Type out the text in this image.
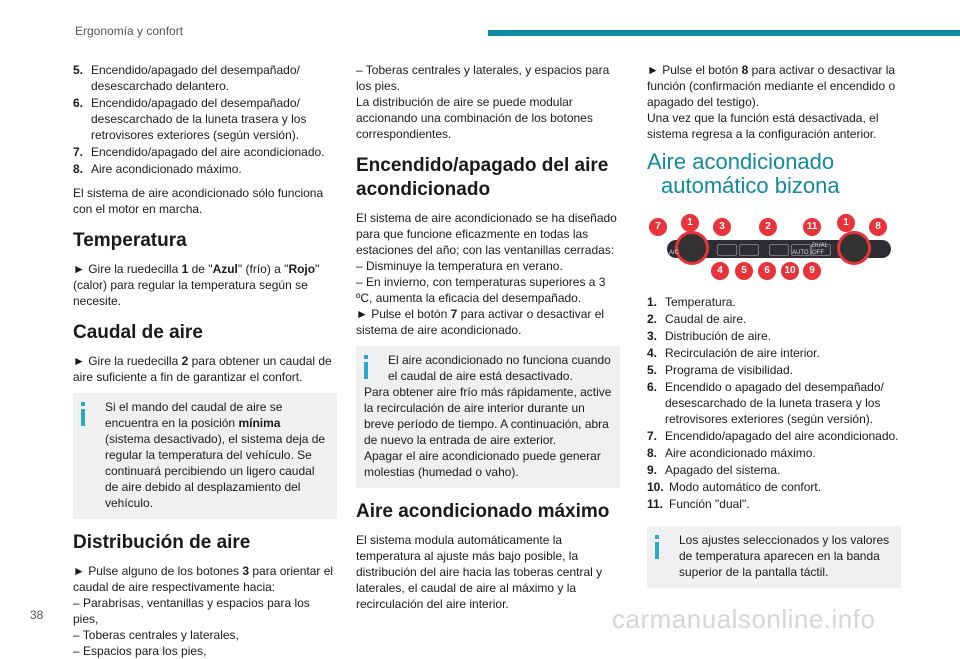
Ergonomía y confort
5. Encendido/apagado del desempañado/ desescarchado delantero.
6. Encendido/apagado del desempañado/ desescarchado de la luneta trasera y los retrovisores exteriores (según versión).
7. Encendido/apagado del aire acondicionado.
8. Aire acondicionado máximo.

El sistema de aire acondicionado sólo funciona con el motor en marcha.

Temperatura

► Gire la ruedecilla 1 de "Azul" (frío) a "Rojo" (calor) para regular la temperatura según se necesite.

Caudal de aire

► Gire la ruedecilla 2 para obtener un caudal de aire suficiente a fin de garantizar el confort.

Si el mando del caudal de aire se encuentra en la posición mínima (sistema desactivado), el sistema deja de regular la temperatura del vehículo. Se continuará percibiendo un ligero caudal de aire debido al desplazamiento del vehículo.
Distribución de aire

► Pulse alguno de los botones 3 para orientar el caudal de aire respectivamente hacia:

– Parabrisas, ventanillas y espacios para los pies,

– Toberas centrales y laterales,

– Espacios para los pies,

– Toberas centrales y laterales, y espacios para los pies.

La distribución de aire se puede modular accionando una combinación de los botones correspondientes.

Encendido/apagado del aire acondicionado

El sistema de aire acondicionado se ha diseñado para que funcione eficazmente en todas las estaciones del año; con las ventanillas cerradas:

– Disminuye la temperatura en verano.

– En invierno, con temperaturas superiores a 3 ºC, aumenta la eficacia del desempañado.

► Pulse el botón 7 para activar o desactivar el sistema de aire acondicionado.

El aire acondicionado no funciona cuando el caudal de aire está desactivado.
Para obtener aire frío más rápidamente, active la recirculación de aire interior durante un breve período de tiempo. A continuación, abra de nuevo la entrada de aire exterior.
Apagar el aire acondicionado puede generar molestias (humedad o vaho).
Aire acondicionado máximo

El sistema modula automáticamente la temperatura al ajuste más bajo posible, la distribución del aire hacia las toberas central y laterales, el caudal de aire al máximo y la recirculación del aire interior.

► Pulse el botón 8 para activar o desactivar la función (confirmación mediante el encendido o apagado del testigo).

Una vez que la función está desactivada, el sistema regresa a la configuración anterior.

Aire acondicionado
automático bizona
A/C	AUTO OFF
DUAL
7	1	3	2	11	1	8
4	5	6	10	9
1. Temperatura.
2. Caudal de aire.
3. Distribución de aire.
4. Recirculación de aire interior.
5. Programa de visibilidad.
6. Encendido o apagado del desempañado/ desescarchado de la luneta trasera y los retrovisores exteriores (según versión).
7. Encendido/apagado del aire acondicionado.
8. Aire acondicionado máximo.
9. Apagado del sistema.
10. Modo automático de confort.
11. Función "dual".
Los ajustes seleccionados y los valores de temperatura aparecen en la banda superior de la pantalla táctil.
38	carmanualsonline.info
